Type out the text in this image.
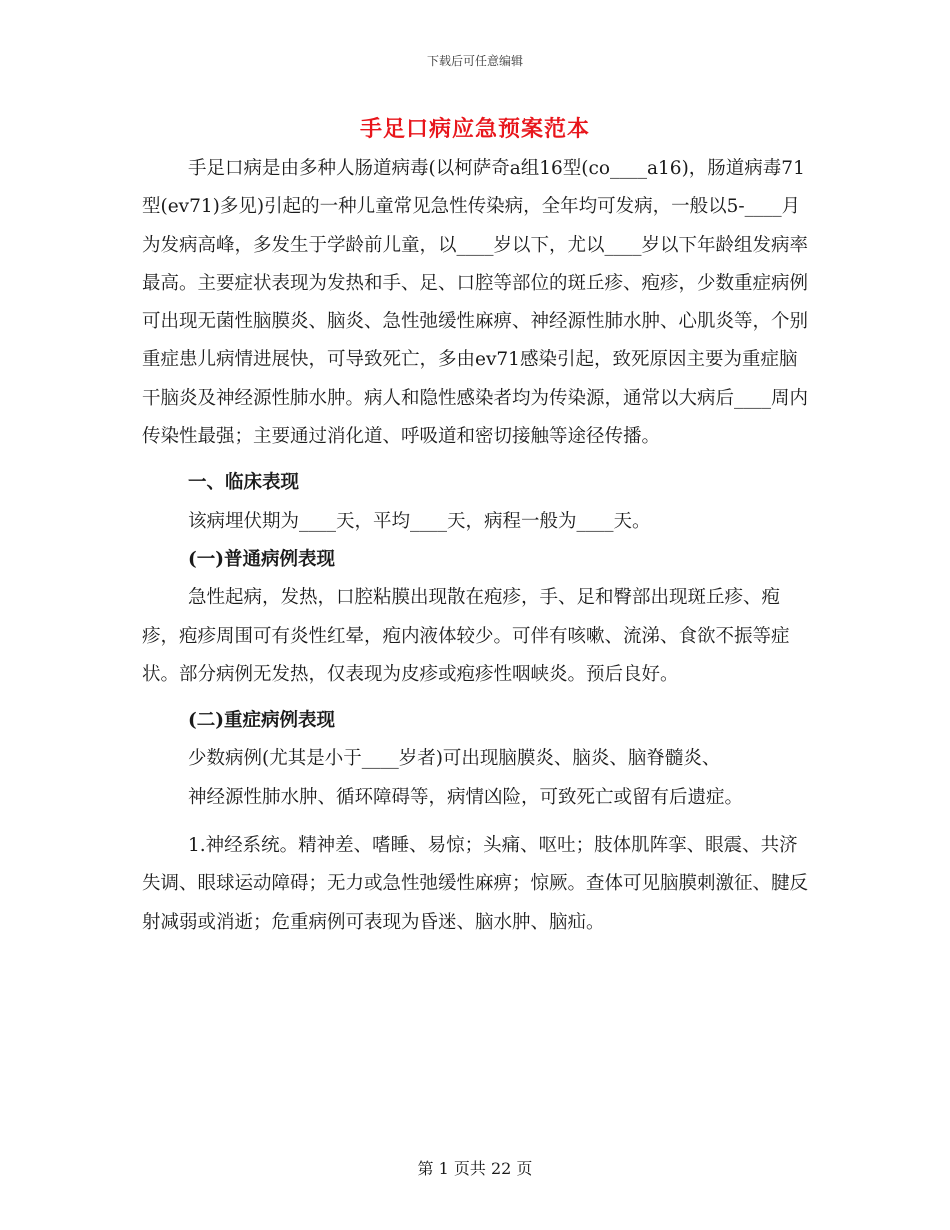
下载后可任意编辑
手足口病应急预案范本

手足口病是由多种人肠道病毒(以柯萨奇a组16型(co____a16)，肠道病毒71型(ev71)多见)引起的一种儿童常见急性传染病，全年均可发病，一般以5-____月为发病高峰，多发生于学龄前儿童，以____岁以下，尤以____岁以下年龄组发病率最高。主要症状表现为发热和手、足、口腔等部位的斑丘疹、疱疹，少数重症病例可出现无菌性脑膜炎、脑炎、急性弛缓性麻痹、神经源性肺水肿、心肌炎等，个别重症患儿病情进展快，可导致死亡，多由ev71感染引起，致死原因主要为重症脑干脑炎及神经源性肺水肿。病人和隐性感染者均为传染源，通常以大病后____周内传染性最强；主要通过消化道、呼吸道和密切接触等途径传播。

一、临床表现

该病埋伏期为____天，平均____天，病程一般为____天。

(一)普通病例表现

急性起病，发热，口腔粘膜出现散在疱疹，手、足和臀部出现斑丘疹、疱疹，疱疹周围可有炎性红晕，疱内液体较少。可伴有咳嗽、流涕、食欲不振等症状。部分病例无发热，仅表现为皮疹或疱疹性咽峡炎。预后良好。

(二)重症病例表现

少数病例(尤其是小于____岁者)可出现脑膜炎、脑炎、脑脊髓炎、

神经源性肺水肿、循环障碍等，病情凶险，可致死亡或留有后遗症。

1.神经系统。精神差、嗜睡、易惊；头痛、呕吐；肢体肌阵挛、眼震、共济失调、眼球运动障碍；无力或急性弛缓性麻痹；惊厥。查体可见脑膜刺激征、腱反射减弱或消逝；危重病例可表现为昏迷、脑水肿、脑疝。

第 1 页共 22 页
